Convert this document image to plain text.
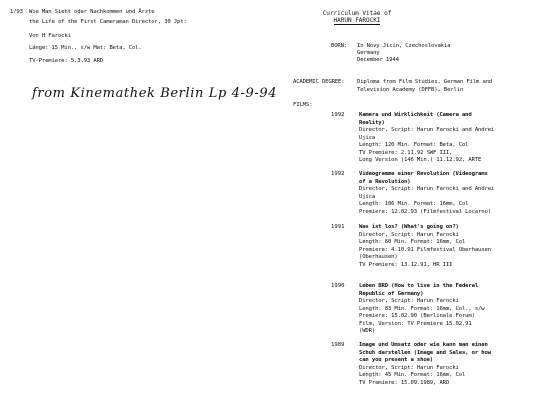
1/93 Wie Man Sieht oder Nachkommen und Ärzte
the Life of the First Cameraman Director, 30 Jpt:
Von H Farocki
Länge: 15 Min., s/w Mat: Beta, Col.
TV-Premiere: 5.3.93 ARD
from Kinemathek Berlin Lp 4-9-94
Curriculum Vitae of
HARUN FAROCKI
BORN: In Novy Jicin, Czechoslovakia
Germany
December 1944
ACADEMIC DEGREE: Diploma from Film Studies, German Film and
Television Academy (DFFB), Berlin
FILMS:
1992	Kamera und Wirklichkeit (Camera and
Reality)
Director, Script: Harun Farocki and Andrei
Ujica
Length: 120 Min. Format: Beta, Col
TV Premiere: 2.11.92 SWF III,
Long Version (146 Min.) 11.12.92, ARTE
1992	Videogramme einer Revolution (Videograms
of a Revolution)
Director, Script: Harun Farocki and Andrei
Ujica
Length: 106 Min. Format: 16mm, Col
Premiere: 12.02.93 (Filmfestival Locarno)
1991	Was ist los? (What's going on?)
Director, Script: Harun Farocki
Length: 60 Min. Format: 16mm, Col
Premiere: 4.10.91 Filmfestival Oberhausen
(Oberhausen)
TV Premiere: 13.12.91, HR III
1990	Leben BRD (How to live in the Federal
Republic of Germany)
Director, Script: Harun Farocki
Length: 83 Min. Format: 16mm, Col., s/w
Premiere: 15.02.90 (Berlinale Forum)
Film, Version: TV Premiere 15.02.91
(WDR)
1989	Image und Umsatz oder wie kann man einen
Schuh darstellen (Image and Sales, or how
can you present a shoe)
Director, Script: Harun Farocki
Length: 45 Min. Format: 16mm, Col
TV Premiere: 15.09.1989, ARD
